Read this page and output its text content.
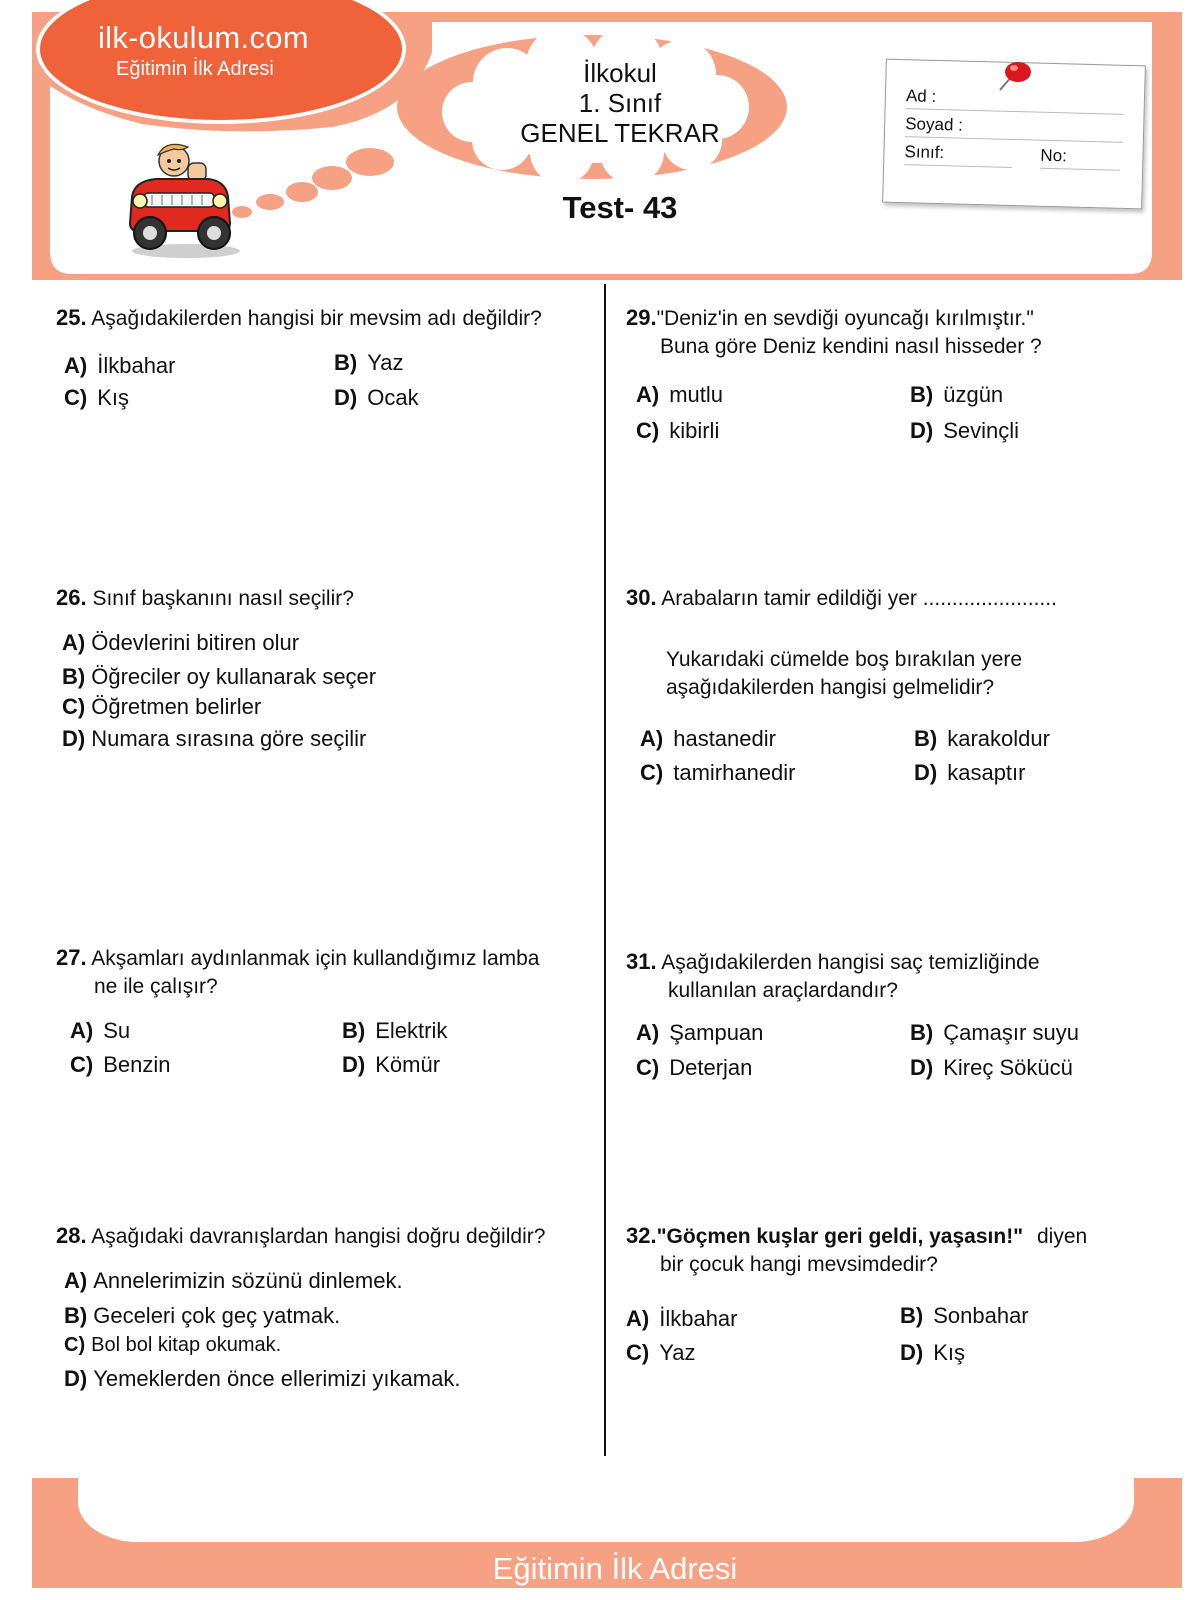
ilk-okulum.com
Eğitimin İlk Adresi	İlkokul
1. Sınıf
GENEL TEKRAR
Test- 43
Ad :
Soyad :
Sınıf:	No:
25. Aşağıdakilerden hangisi bir mevsim adı değildir?
A) İlkbahar	B) Yaz
C) Kış	D) Ocak
26. Sınıf başkanını nasıl seçilir?
A) Ödevlerini bitiren olur
B) Öğreciler oy kullanarak seçer
C) Öğretmen belirler
D) Numara sırasına göre seçilir
27. Akşamları aydınlanmak için kullandığımız lamba
ne ile çalışır?
A) Su	B) Elektrik
C) Benzin	D) Kömür
28. Aşağıdaki davranışlardan hangisi doğru değildir?
A) Annelerimizin sözünü dinlemek.
B) Geceleri çok geç yatmak.
C) Bol bol kitap okumak.
D) Yemeklerden önce ellerimizi yıkamak.
29."Deniz'in en sevdiği oyuncağı kırılmıştır."
Buna göre Deniz kendini nasıl hisseder ?
A) mutlu	B) üzgün
C) kibirli	D) Sevinçli
30. Arabaların tamir edildiği yer .......................
Yukarıdaki cümelde boş bırakılan yere
aşağıdakilerden hangisi gelmelidir?
A) hastanedir	B) karakoldur
C) tamirhanedir	D) kasaptır
31. Aşağıdakilerden hangisi saç temizliğinde
kullanılan araçlardandır?
A) Şampuan	B) Çamaşır suyu
C) Deterjan	D) Kireç Sökücü
32."Göçmen kuşlar geri geldi, yaşasın!" diyen
bir çocuk hangi mevsimdedir?
A) İlkbahar	B) Sonbahar
C) Yaz	D) Kış
ilk-okulum.com
Eğitimin İlk Adresi
